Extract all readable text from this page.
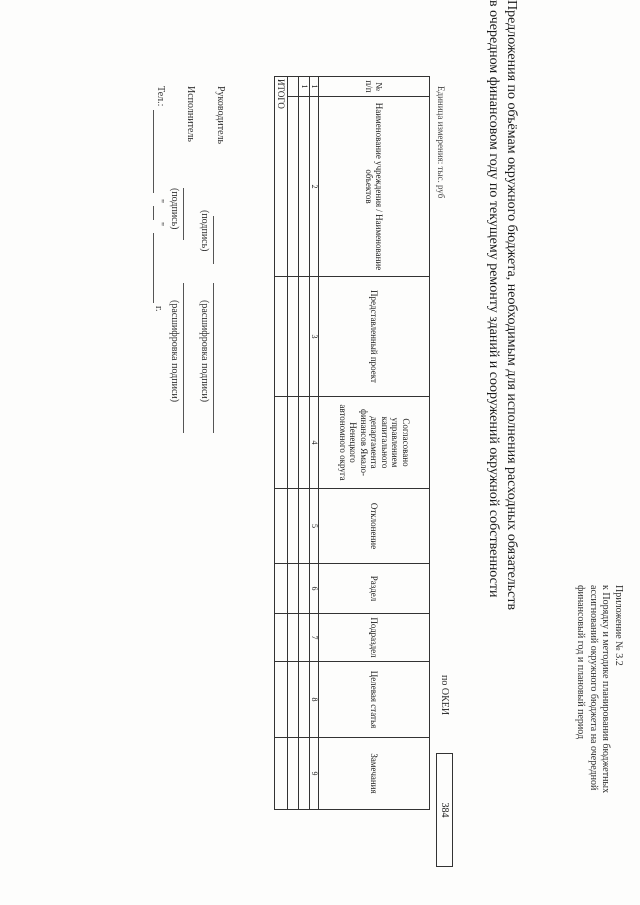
Приложение № 3.2
к Порядку и методике планирования бюджетных
ассигнований окружного бюджета на очередной
финансовый год и плановый период
Предложения по объёмам окружного бюджета, необходимым для исполнения расходных обязательств
в очередном финансовом году по текущему ремонту зданий и сооружений окружной собственности
Единица измерения: тыс. руб
по ОКЕИ
384
№ п/п	Наименование учреждения / Наименование объектов	Представленный проект	Согласовано управлением капитального департамента финансов Ямало-Ненецкого автономного округа	Отклонение	Раздел	Подраздел	Целевая статья	Замечания
1	2	3	4	5	6	7	8	9
1								

ИТОГО								
Руководитель
(подпись)
(расшифровка подписи)
Исполнитель
(подпись)
(расшифровка подписи)
Тел.:
"
"
г.
